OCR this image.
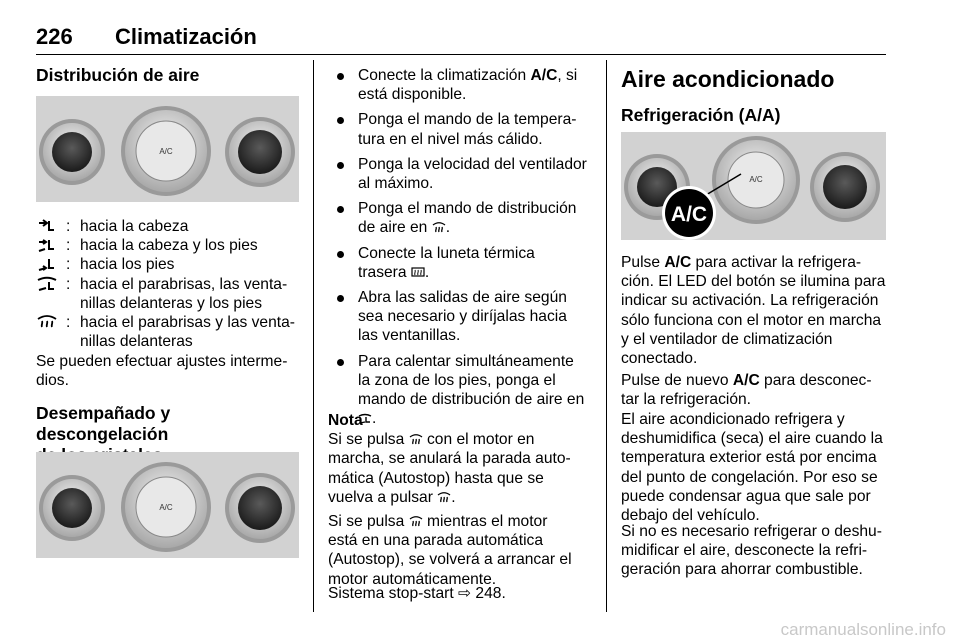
226 Climatización
Distribución de aire
A/C
: hacia la cabeza
: hacia la cabeza y los pies
: hacia los pies
: hacia el parabrisas, las venta-
nillas delanteras y los pies
: hacia el parabrisas y las venta-
nillas delanteras
Se pueden efectuar ajustes interme-
dios.
Desempañado y descongelación

A/C
Conecte la climatización A/C, si
está disponible.
Ponga el mando de la tempera-
tura en el nivel más cálido.
Ponga la velocidad del ventilador
al máximo.
Ponga el mando de distribución
de aire en .
Conecte la luneta térmica
trasera .
Abra las salidas de aire según
sea necesario y diríjalas hacia
las ventanillas.
Para calentar simultáneamente
la zona de los pies, ponga el
mando de distribución de aire en
.
Nota
Si se pulsa con el motor en
marcha, se anulará la parada auto-
mática (Autostop) hasta que se
vuelva a pulsar .
Si se pulsa mientras el motor
está en una parada automática
(Autostop), se volverá a arrancar el
motor automáticamente.
Sistema stop-start ⇨ 248.
Aire acondicionado
Refrigeración (A/A)
A/C
A/C
Pulse A/C para activar la refrigera-
ción. El LED del botón se ilumina para
indicar su activación. La refrigeración
sólo funciona con el motor en marcha
y el ventilador de climatización
conectado.
Pulse de nuevo A/C para desconec-
tar la refrigeración.
El aire acondicionado refrigera y
deshumidifica (seca) el aire cuando la
temperatura exterior está por encima
del punto de congelación. Por eso se
puede condensar agua que sale por
debajo del vehículo.
Si no es necesario refrigerar o deshu-
midificar el aire, desconecte la refri-
geración para ahorrar combustible.
carmanualsonline.info
